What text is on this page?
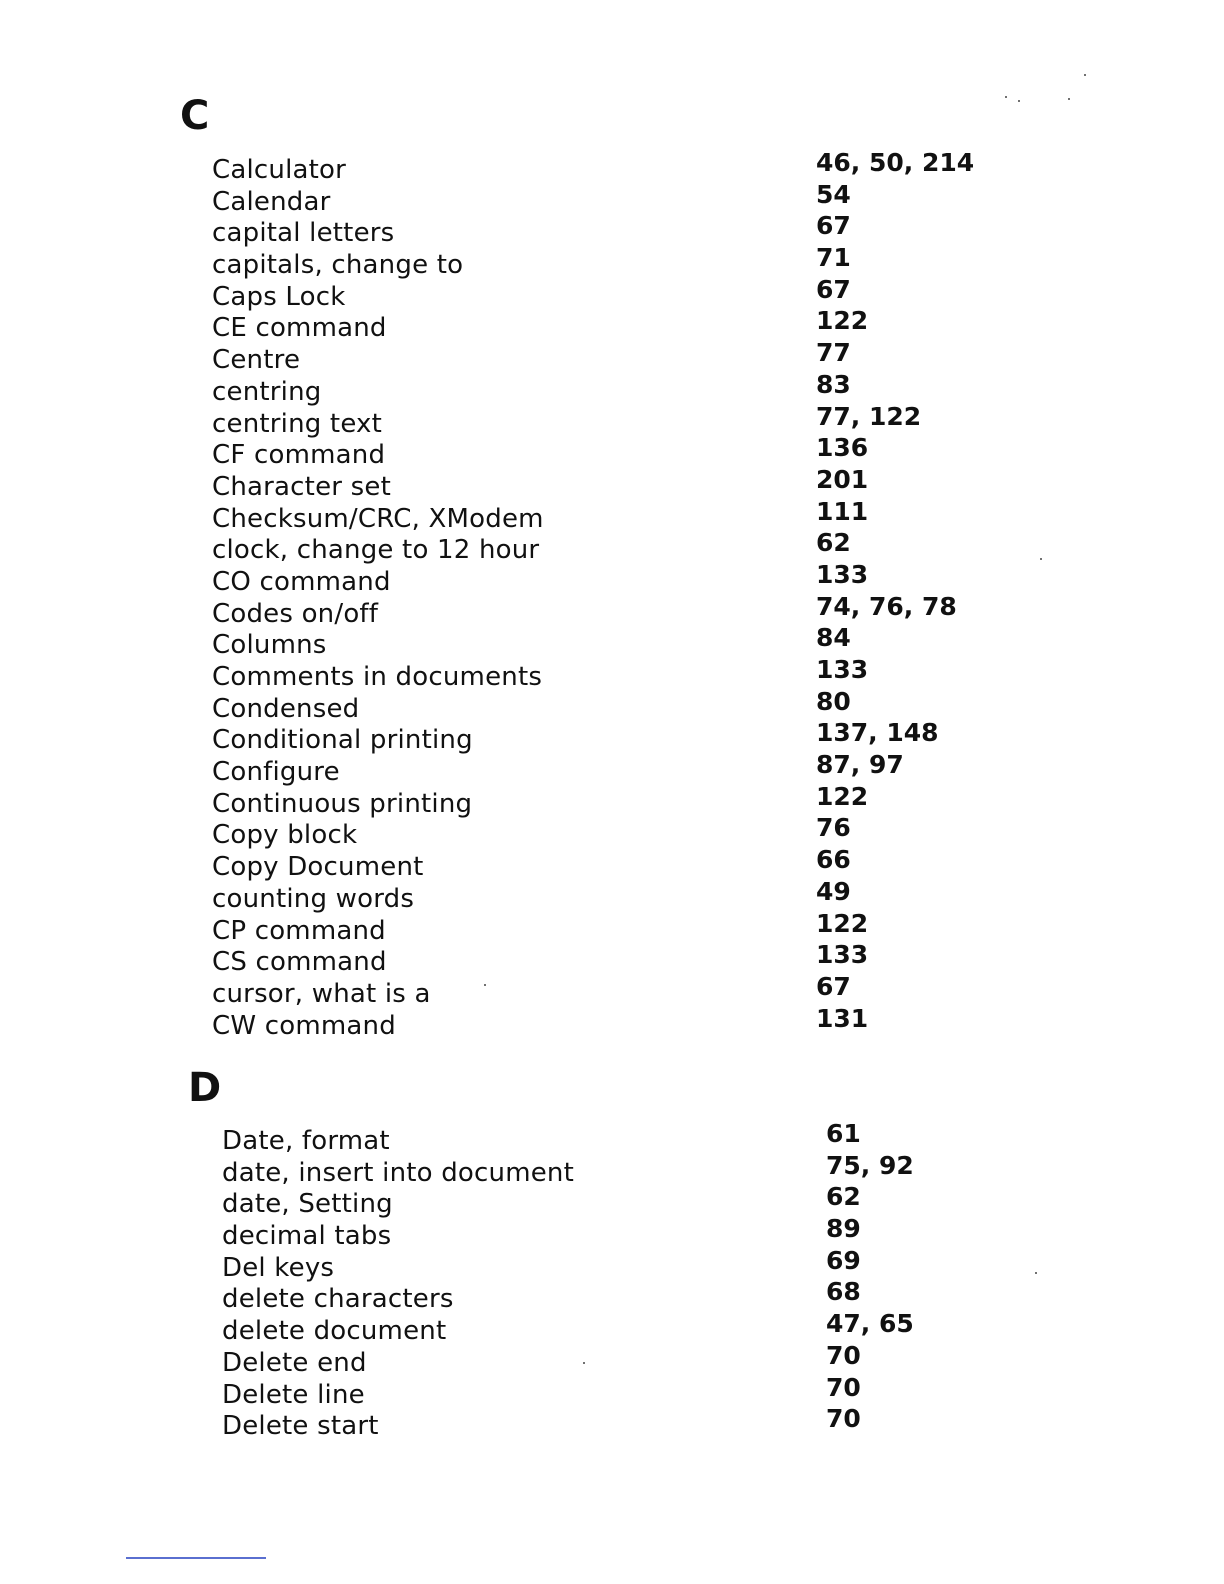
C
Calculator	46, 50, 214
Calendar	54
capital letters	67
capitals, change to	71
Caps Lock	67
CE command	122
Centre	77
centring	83
centring text	77, 122
CF command	136
Character set	201
Checksum/CRC, XModem	111
clock, change to 12 hour	62
CO command	133
Codes on/off	74, 76, 78
Columns	84
Comments in documents	133
Condensed	80
Conditional printing	137, 148
Configure	87, 97
Continuous printing	122
Copy block	76
Copy Document	66
counting words	49
CP command	122
CS command	133
cursor, what is a	67
CW command	131
D
Date, format	61
date, insert into document	75, 92
date, Setting	62
decimal tabs	89
Del keys	69
delete characters	68
delete document	47, 65
Delete end	70
Delete line	70
Delete start	70
